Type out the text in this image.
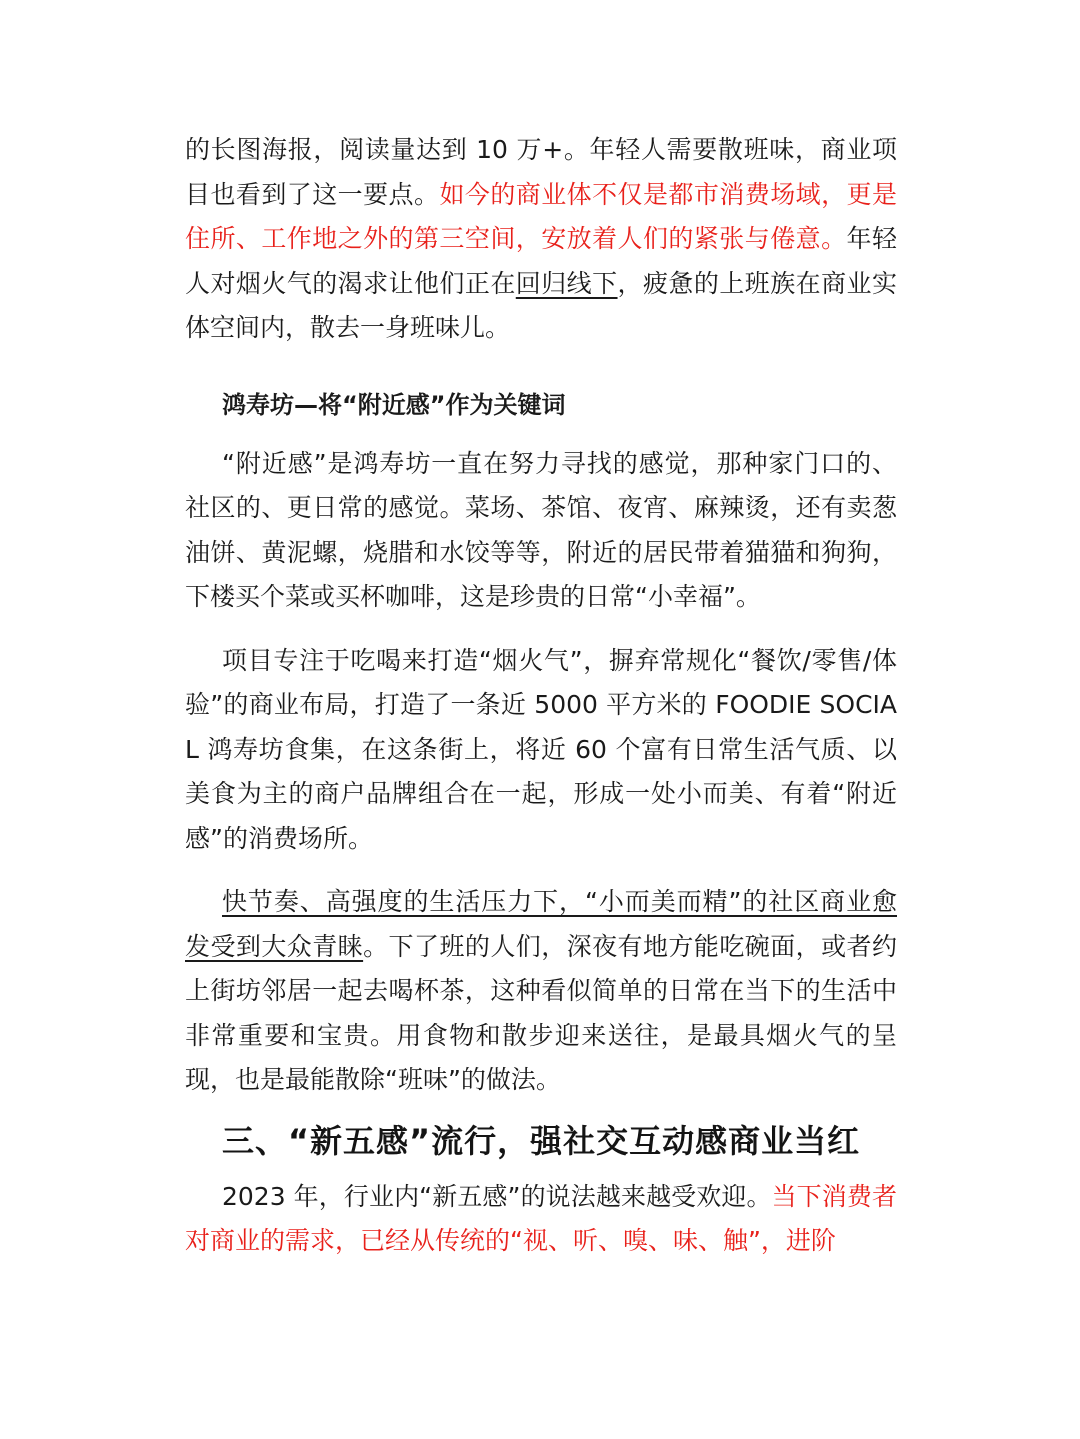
的长图海报，阅读量达到 10 万+。年轻人需要散班味，商业项目也看到了这一要点。如今的商业体不仅是都市消费场域，更是住所、工作地之外的第三空间，安放着人们的紧张与倦意。年轻人对烟火气的渴求让他们正在回归线下，疲惫的上班族在商业实体空间内，散去一身班味儿。

鸿寿坊—将“附近感”作为关键词

“附近感”是鸿寿坊一直在努力寻找的感觉，那种家门口的、社区的、更日常的感觉。菜场、茶馆、夜宵、麻辣烫，还有卖葱油饼、黄泥螺，烧腊和水饺等等，附近的居民带着猫猫和狗狗，下楼买个菜或买杯咖啡，这是珍贵的日常“小幸福”。

项目专注于吃喝来打造“烟火气”，摒弃常规化“餐饮/零售/体验”的商业布局，打造了一条近 5000 平方米的 FOODIE SOCIAL 鸿寿坊食集，在这条街上，将近 60 个富有日常生活气质、以美食为主的商户品牌组合在一起，形成一处小而美、有着“附近感”的消费场所。

快节奏、高强度的生活压力下，“小而美而精”的社区商业愈发受到大众青睐。下了班的人们，深夜有地方能吃碗面，或者约上街坊邻居一起去喝杯茶，这种看似简单的日常在当下的生活中非常重要和宝贵。用食物和散步迎来送往，是最具烟火气的呈现，也是最能散除“班味”的做法。

三、“新五感”流行，强社交互动感商业当红

2023 年，行业内“新五感”的说法越来越受欢迎。当下消费者对商业的需求，已经从传统的“视、听、嗅、味、触”，进阶
